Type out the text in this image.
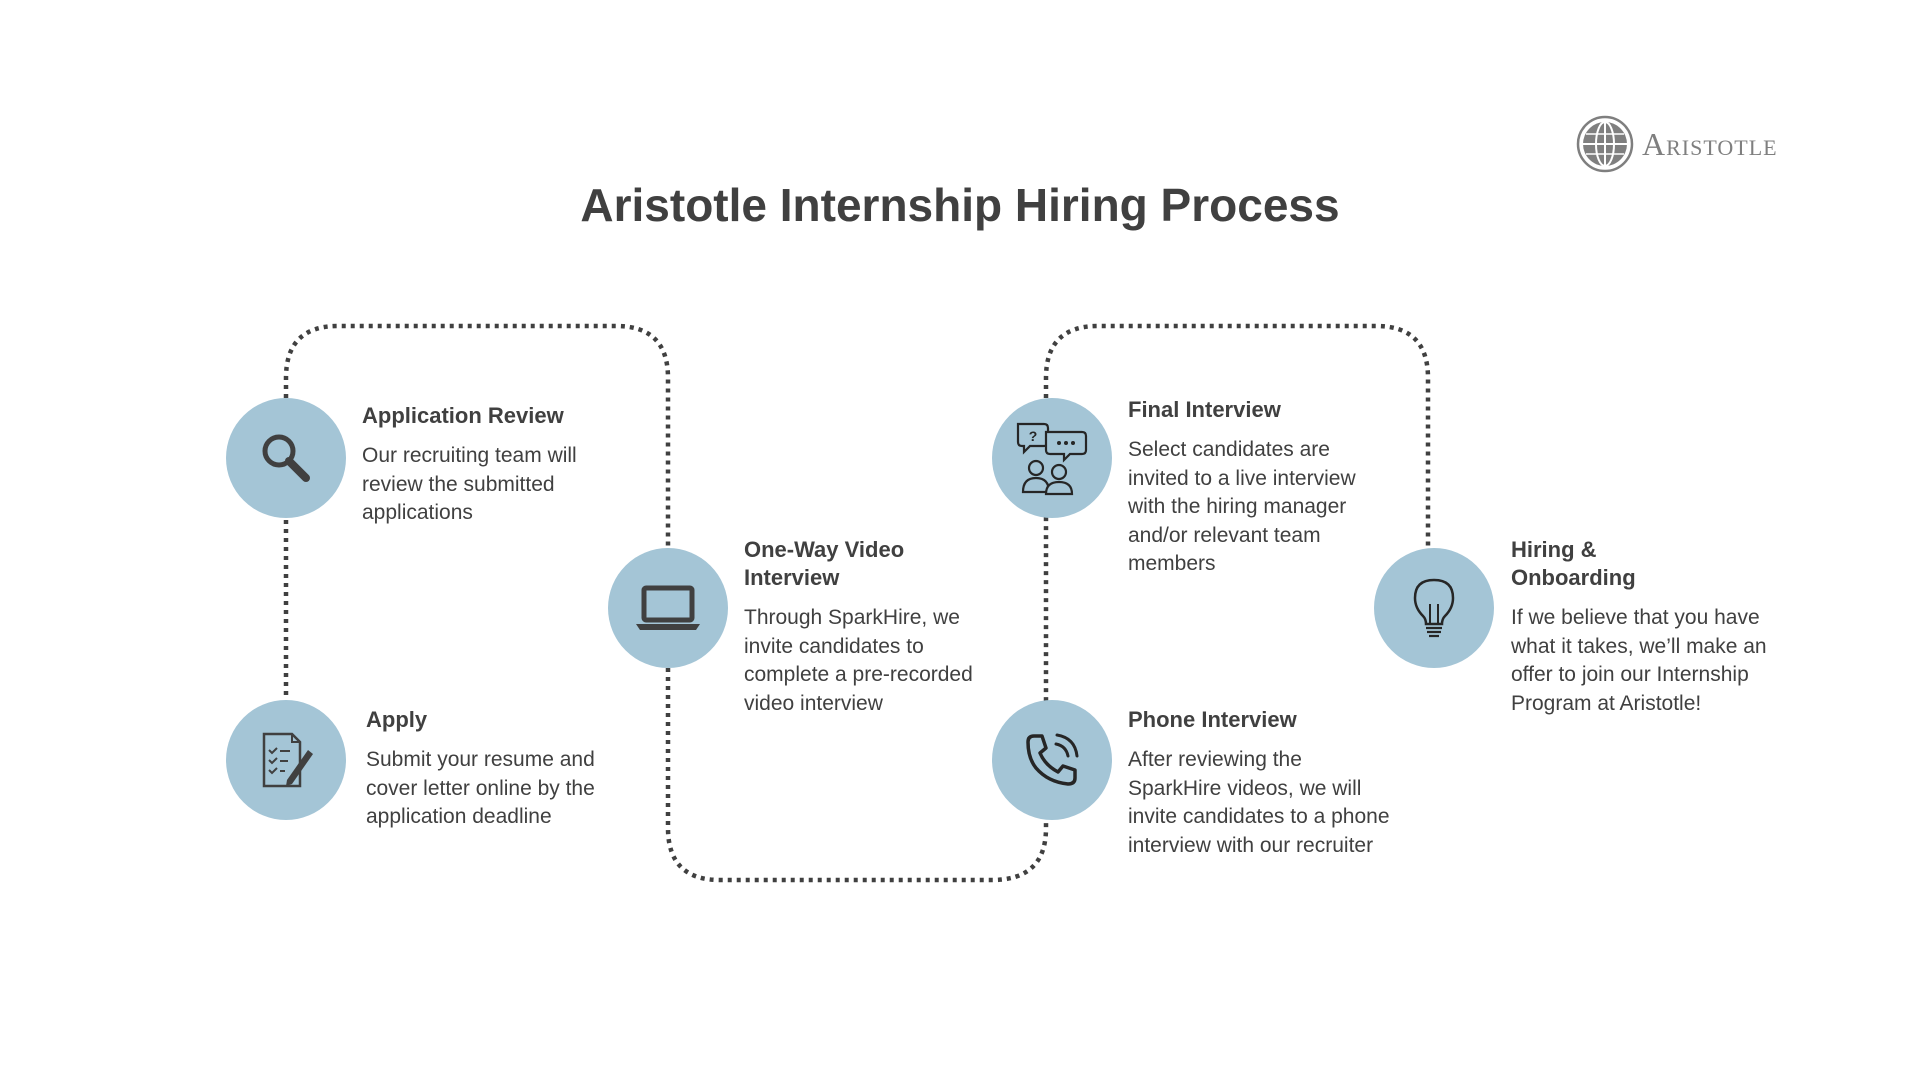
Aristotle
Aristotle Internship Hiring Process
Application Review
Our recruiting team will review the submitted applications
Apply
Submit your resume and cover letter online by the application deadline
One-Way Video Interview
Through SparkHire, we invite candidates to complete a pre-recorded video interview
?
Final Interview
Select candidates are invited to a live interview with the hiring manager and/or relevant team members
Phone Interview
After reviewing the SparkHire videos, we will invite candidates to a phone interview with our recruiter
Hiring & Onboarding
If we believe that you have what it takes, we’ll make an offer to join our Internship Program at Aristotle!
